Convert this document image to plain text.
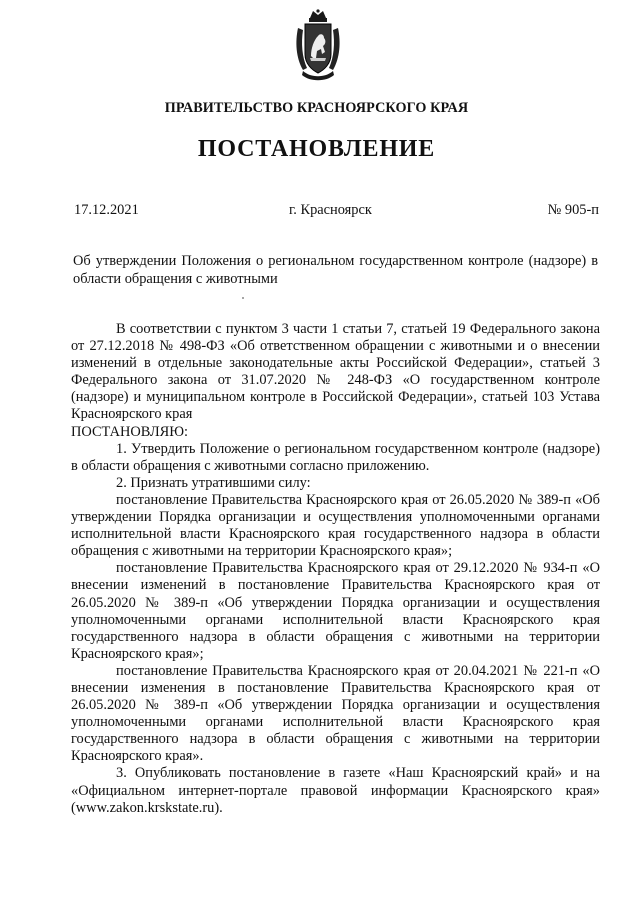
ПРАВИТЕЛЬСТВО КРАСНОЯРСКОГО КРАЯ
ПОСТАНОВЛЕНИЕ
17.12.2021	г. Красноярск	№ 905-п
Об утверждении Положения о региональном государственном контроле (надзоре) в области обращения с животными

В соответствии с пунктом 3 части 1 статьи 7, статьей 19 Федерального закона от 27.12.2018 № 498-ФЗ «Об ответственном обращении с животными и о внесении изменений в отдельные законодательные акты Российской Федерации», статьей 3 Федерального закона от 31.07.2020 № 248-ФЗ «О государственном контроле (надзоре) и муниципальном контроле в Российской Федерации», статьей 103 Устава Красноярского края

ПОСТАНОВЛЯЮ:

1. Утвердить Положение о региональном государственном контроле (надзоре) в области обращения с животными согласно приложению.

2. Признать утратившими силу:

постановление Правительства Красноярского края от 26.05.2020 № 389-п «Об утверждении Порядка организации и осуществления уполномоченными органами исполнительной власти Красноярского края государственного надзора в области обращения с животными на территории Красноярского края»;

постановление Правительства Красноярского края от 29.12.2020 № 934-п «О внесении изменений в постановление Правительства Красноярского края от 26.05.2020 № 389-п «Об утверждении Порядка организации и осуществления уполномоченными органами исполнительной власти Красноярского края государственного надзора в области обращения с животными на территории Красноярского края»;

постановление Правительства Красноярского края от 20.04.2021 № 221-п «О внесении изменения в постановление Правительства Красноярского края от 26.05.2020 № 389-п «Об утверждении Порядка организации и осуществления уполномоченными органами исполнительной власти Красноярского края государственного надзора в области обращения с животными на территории Красноярского края».

3. Опубликовать постановление в газете «Наш Красноярский край» и на «Официальном интернет-портале правовой информации Красноярского края» (www.zakon.krskstate.ru).
